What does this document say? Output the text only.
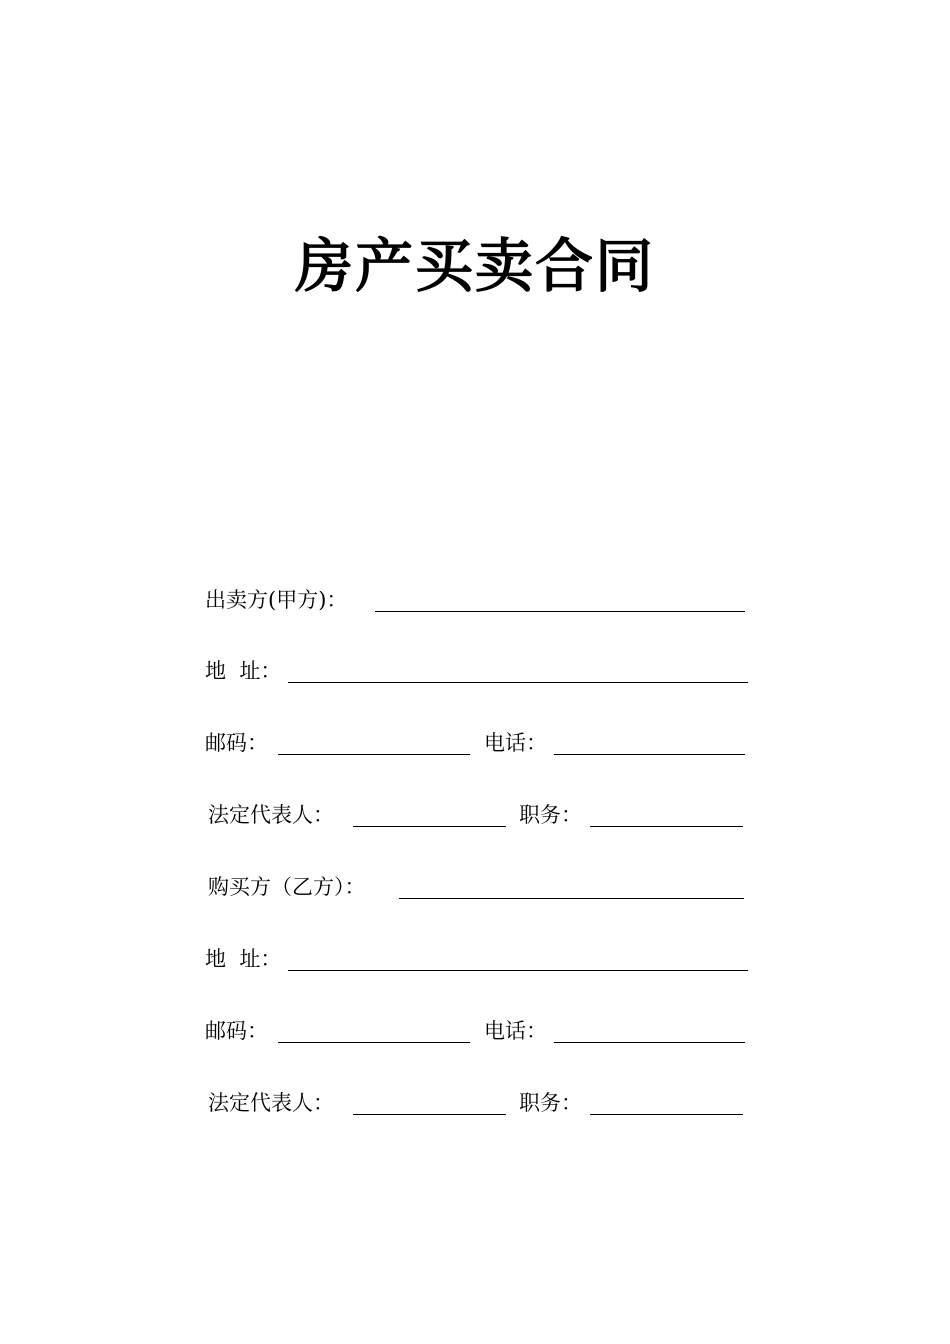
房产买卖合同
出卖方(甲方)：
地  址：
邮码：	电话：
法定代表人：	职务：
购买方（乙方）：
地  址：
邮码：	电话：
法定代表人：	职务：
